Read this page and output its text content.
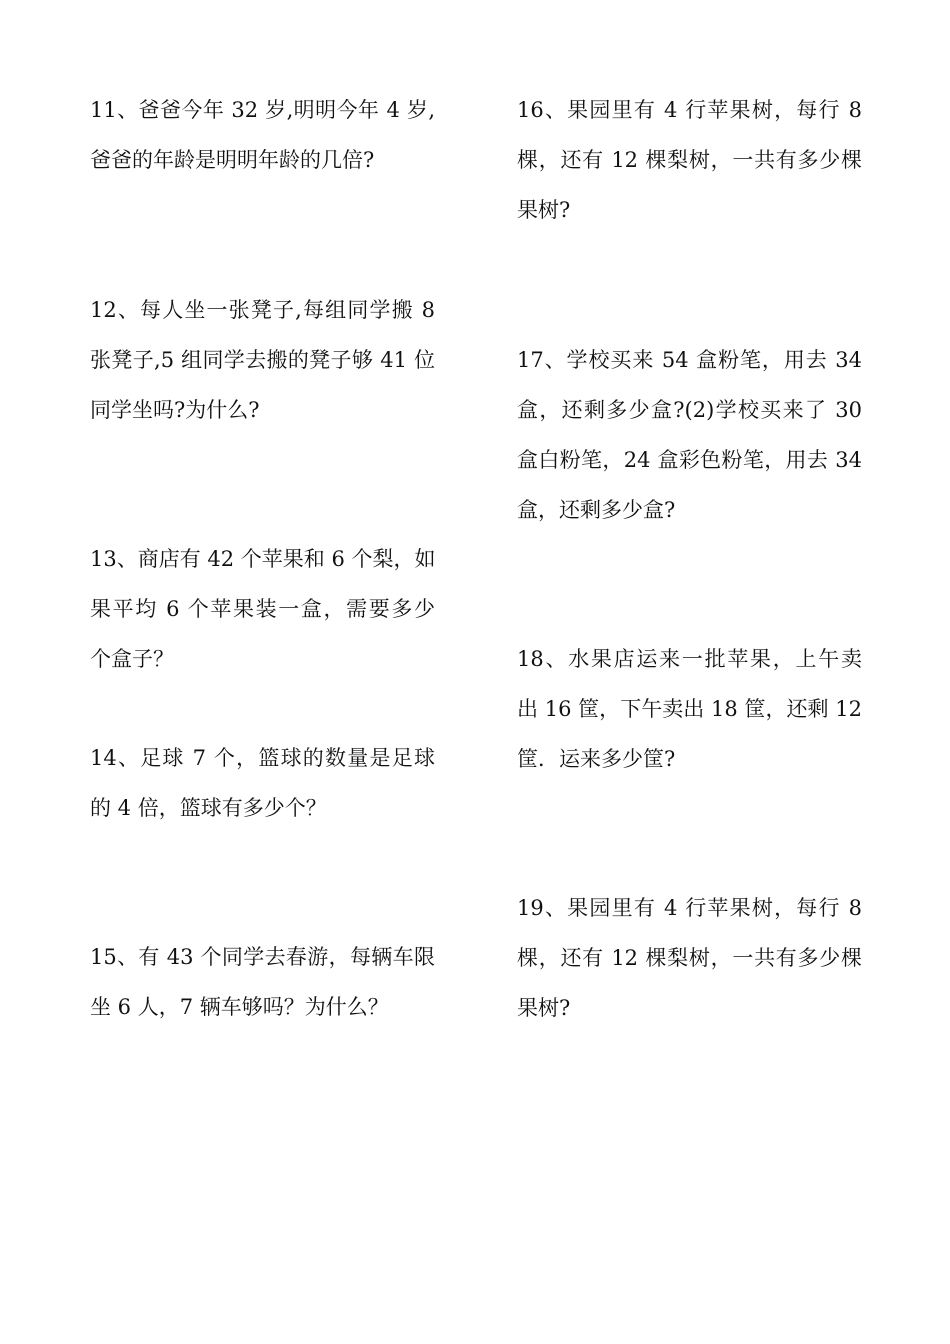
11、爸爸今年 32 岁,明明今年 4 岁,

爸爸的年龄是明明年龄的几倍?

12、每人坐一张凳子,每组同学搬 8

张凳子,5 组同学去搬的凳子够 41 位

同学坐吗?为什么?

13、商店有 42 个苹果和 6 个梨，如

果平均 6 个苹果装一盒，需要多少

个盒子？

14、足球 7 个，篮球的数量是足球

的 4 倍，篮球有多少个？

15、有 43 个同学去春游，每辆车限

坐 6 人，7 辆车够吗？为什么？

16、果园里有 4 行苹果树，每行 8

棵，还有 12 棵梨树，一共有多少棵

果树?

17、学校买来 54 盒粉笔，用去 34

盒，还剩多少盒?(2)学校买来了 30

盒白粉笔，24 盒彩色粉笔，用去 34

盒，还剩多少盒?

18、水果店运来一批苹果，上午卖

出 16 筐，下午卖出 18 筐，还剩 12

筐．运来多少筐?

19、果园里有 4 行苹果树，每行 8

棵，还有 12 棵梨树，一共有多少棵

果树?
